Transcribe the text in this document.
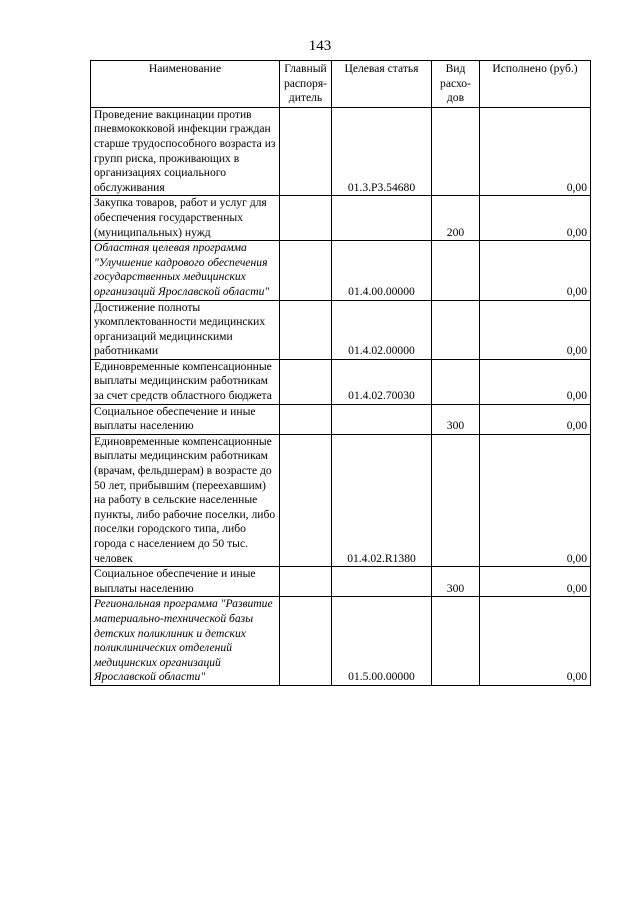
143
Наименование	Главный распоря-дитель	Целевая статья	Вид расхо-дов	Исполнено (руб.)
Проведение вакцинации против пневмококковой инфекции граждан старше трудоспособного возраста из групп риска, проживающих в организациях социального обслуживания		01.3.P3.54680		0,00
Закупка товаров, работ и услуг для обеспечения государственных (муниципальных) нужд			200	0,00
Областная целевая программа "Улучшение кадрового обеспечения государственных медицинских организаций Ярославской области"		01.4.00.00000		0,00
Достижение полноты укомплектованности медицинских организаций медицинскими работниками		01.4.02.00000		0,00
Единовременные компенсационные выплаты медицинским работникам за счет средств областного бюджета		01.4.02.70030		0,00
Социальное обеспечение и иные выплаты населению			300	0,00
Единовременные компенсационные выплаты медицинским работникам (врачам, фельдшерам) в возрасте до 50 лет, прибывшим (переехавшим) на работу в сельские населенные пункты, либо рабочие поселки, либо поселки городского типа, либо города с населением до 50 тыс. человек		01.4.02.R1380		0,00
Социальное обеспечение и иные выплаты населению			300	0,00
Региональная программа "Развитие материально-технической базы детских поликлиник и детских поликлинических отделений медицинских организаций Ярославской области"		01.5.00.00000		0,00
